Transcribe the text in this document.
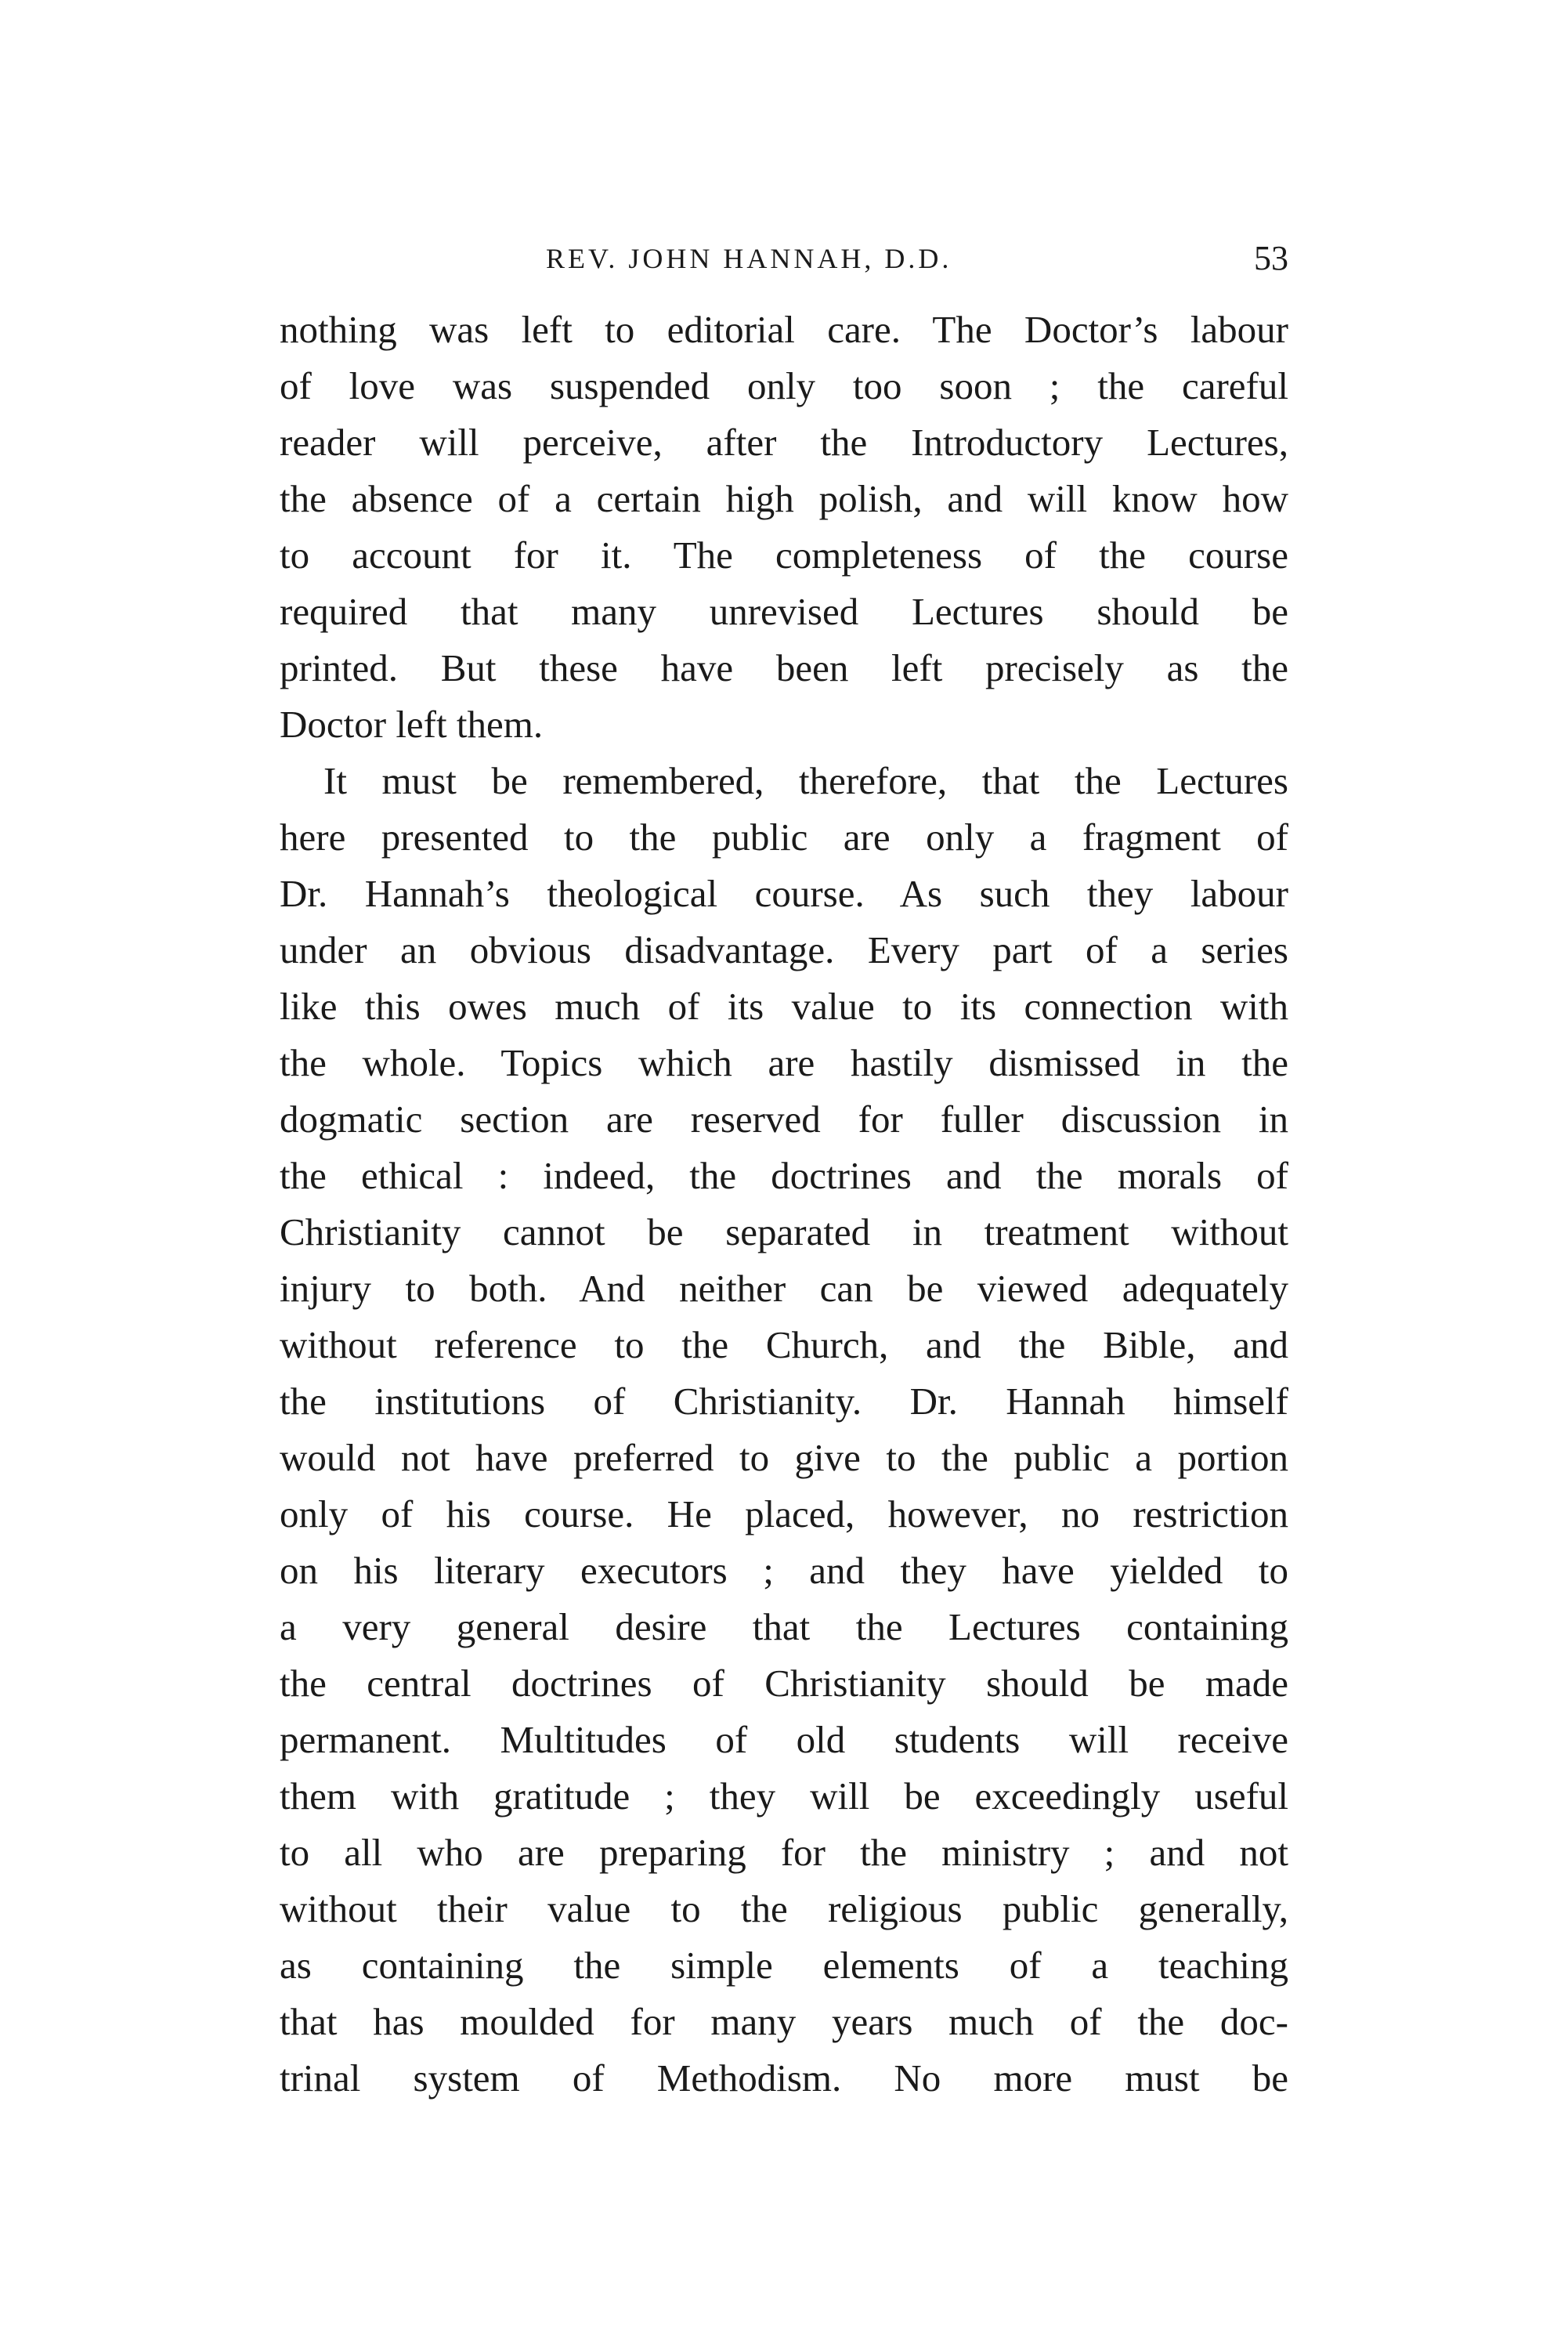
REV. JOHN HANNAH, D.D.	53
nothing was left to editorial care. The Doctor’s labour
of love was suspended only too soon ; the careful
reader will perceive, after the Introductory Lectures,
the absence of a certain high polish, and will know how
to account for it. The completeness of the course
required that many unrevised Lectures should be
printed. But these have been left precisely as the
Doctor left them.
It must be remembered, therefore, that the Lectures
here presented to the public are only a fragment of
Dr. Hannah’s theological course. As such they labour
under an obvious disadvantage. Every part of a series
like this owes much of its value to its connection with
the whole. Topics which are hastily dismissed in the
dogmatic section are reserved for fuller discussion in
the ethical : indeed, the doctrines and the morals of
Christianity cannot be separated in treatment without
injury to both. And neither can be viewed adequately
without reference to the Church, and the Bible, and
the institutions of Christianity. Dr. Hannah himself
would not have preferred to give to the public a portion
only of his course. He placed, however, no restriction
on his literary executors ; and they have yielded to
a very general desire that the Lectures containing
the central doctrines of Christianity should be made
permanent. Multitudes of old students will receive
them with gratitude ; they will be exceedingly useful
to all who are preparing for the ministry ; and not
without their value to the religious public generally,
as containing the simple elements of a teaching
that has moulded for many years much of the doc-
trinal system of Methodism. No more must be
